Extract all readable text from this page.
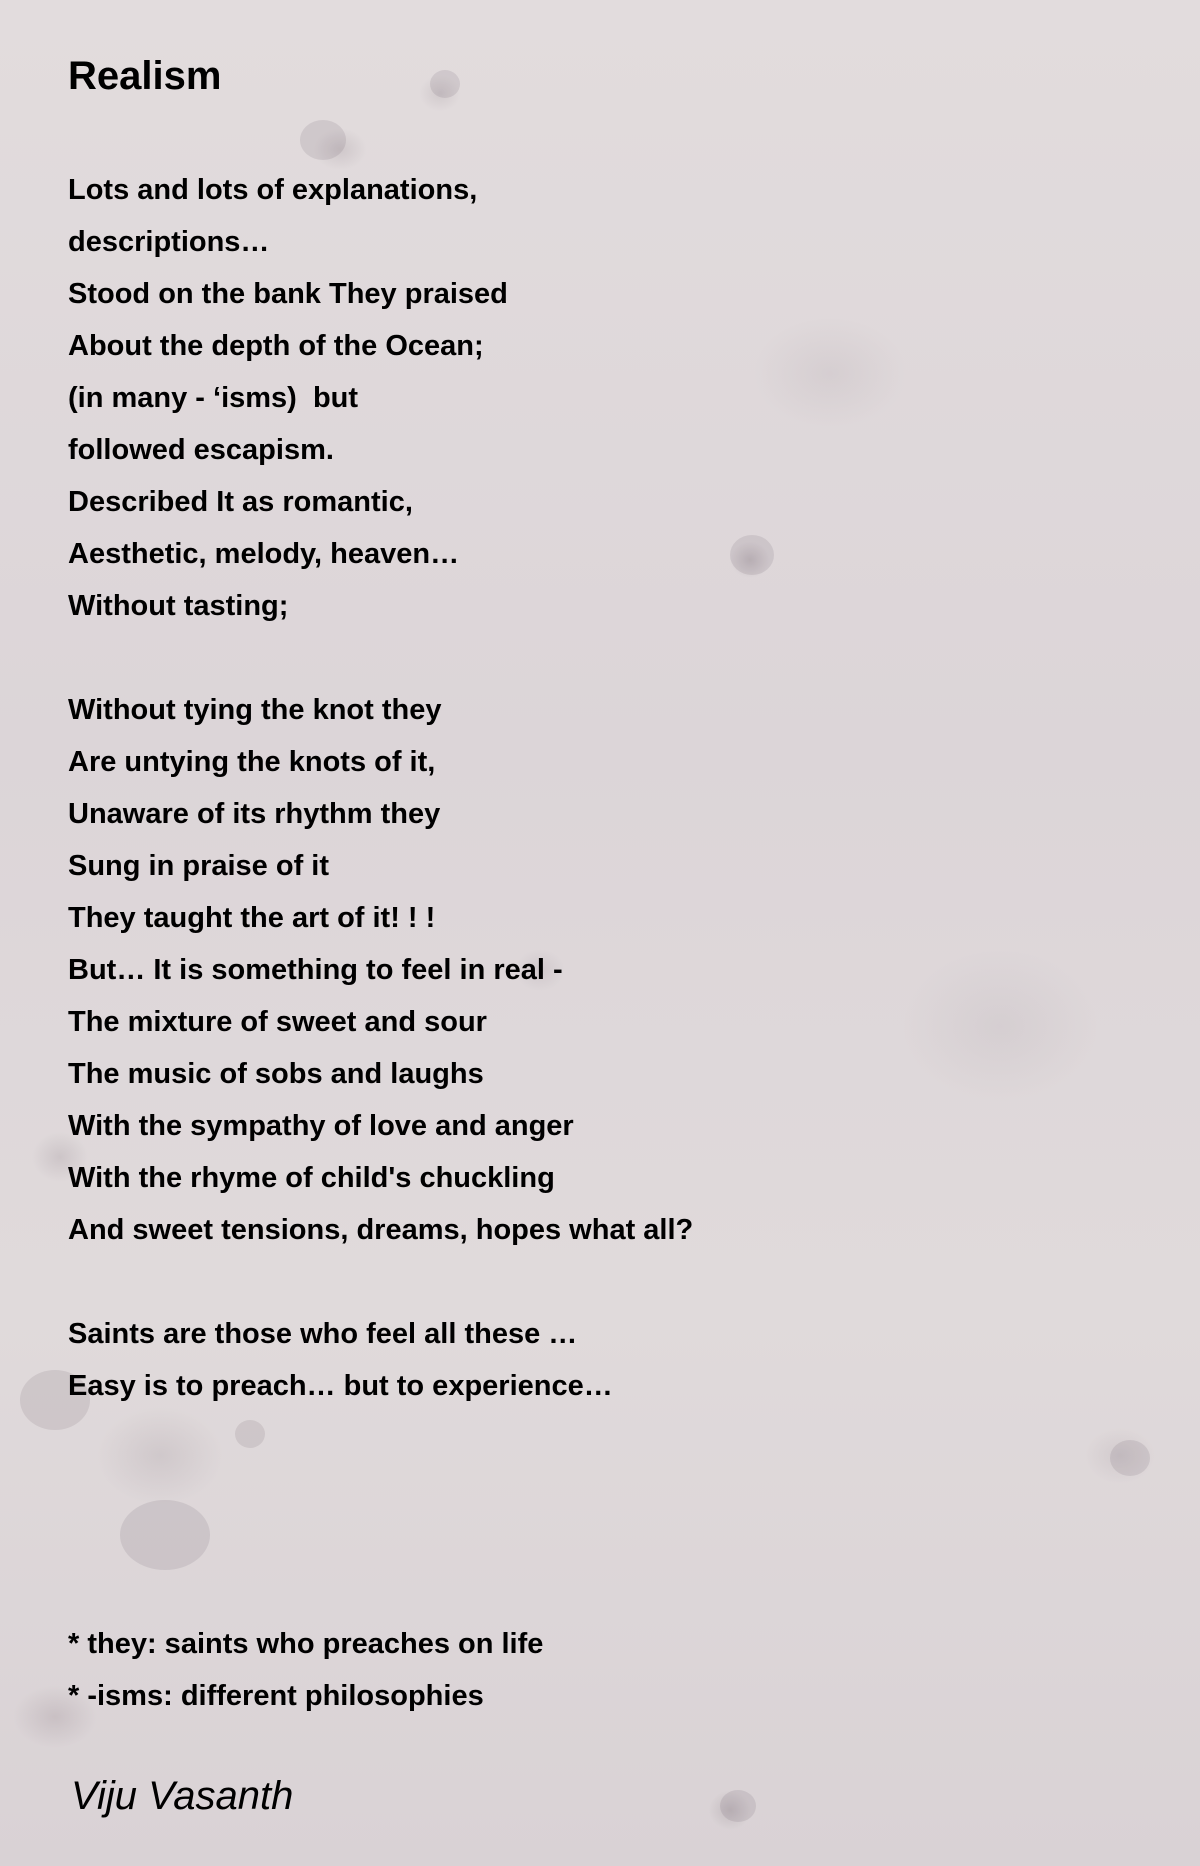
Realism
Lots and lots of explanations,
descriptions…
Stood on the bank They praised
About the depth of the Ocean;
(in many - ‘isms)  but
followed escapism.
Described It as romantic,
Aesthetic, melody, heaven…
Without tasting;
Without tying the knot they
Are untying the knots of it,
Unaware of its rhythm they
Sung in praise of it
They taught the art of it! ! !
But… It is something to feel in real -
The mixture of sweet and sour
The music of sobs and laughs
With the sympathy of love and anger
With the rhyme of child's chuckling
And sweet tensions, dreams, hopes what all?
Saints are those who feel all these …
Easy is to preach… but to experience…
* they: saints who preaches on life
* -isms: different philosophies
Viju Vasanth
